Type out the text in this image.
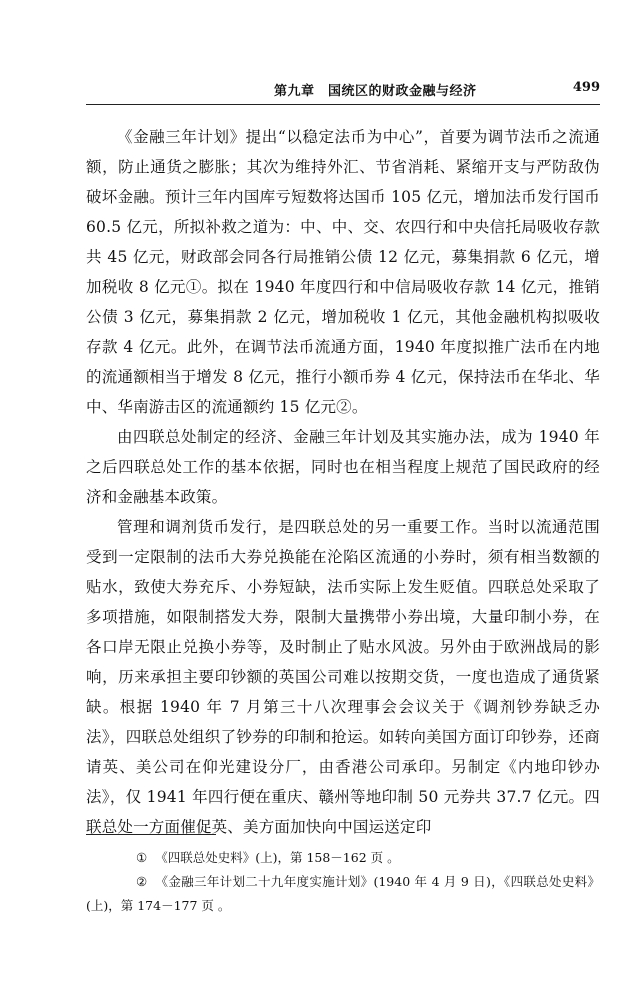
第九章　国统区的财政金融与经济	499

《金融三年计划》提出“以稳定法币为中心”，首要为调节法币之流通额，防止通货之膨胀；其次为维持外汇、节省消耗、紧缩开支与严防敌伪破坏金融。预计三年内国库亏短数将达国币 105 亿元，增加法币发行国币 60.5 亿元，所拟补救之道为：中、中、交、农四行和中央信托局吸收存款共 45 亿元，财政部会同各行局推销公债 12 亿元，募集捐款 6 亿元，增加税收 8 亿元①。拟在 1940 年度四行和中信局吸收存款 14 亿元，推销公债 3 亿元，募集捐款 2 亿元，增加税收 1 亿元，其他金融机构拟吸收存款 4 亿元。此外，在调节法币流通方面，1940 年度拟推广法币在内地的流通额相当于增发 8 亿元，推行小额币券 4 亿元，保持法币在华北、华中、华南游击区的流通额约 15 亿元②。

由四联总处制定的经济、金融三年计划及其实施办法，成为 1940 年之后四联总处工作的基本依据，同时也在相当程度上规范了国民政府的经济和金融基本政策。

管理和调剂货币发行，是四联总处的另一重要工作。当时以流通范围受到一定限制的法币大券兑换能在沦陷区流通的小券时，须有相当数额的贴水，致使大券充斥、小券短缺，法币实际上发生贬值。四联总处采取了多项措施，如限制搭发大券，限制大量携带小券出境，大量印制小券，在各口岸无限止兑换小券等，及时制止了贴水风波。另外由于欧洲战局的影响，历来承担主要印钞额的英国公司难以按期交货，一度也造成了通货紧缺。根据 1940 年 7 月第三十八次理事会会议关于《调剂钞券缺乏办法》，四联总处组织了钞券的印制和抢运。如转向美国方面订印钞券，还商请英、美公司在仰光建设分厂，由香港公司承印。另制定《内地印钞办法》，仅 1941 年四行便在重庆、赣州等地印制 50 元券共 37.7 亿元。四联总处一方面催促英、美方面加快向中国运送定印

① 《四联总处史料》(上)，第 158－162 页 。

② 《金融三年计划二十九年度实施计划》(1940 年 4 月 9 日)，《四联总处史料》(上)，第 174－177 页 。
